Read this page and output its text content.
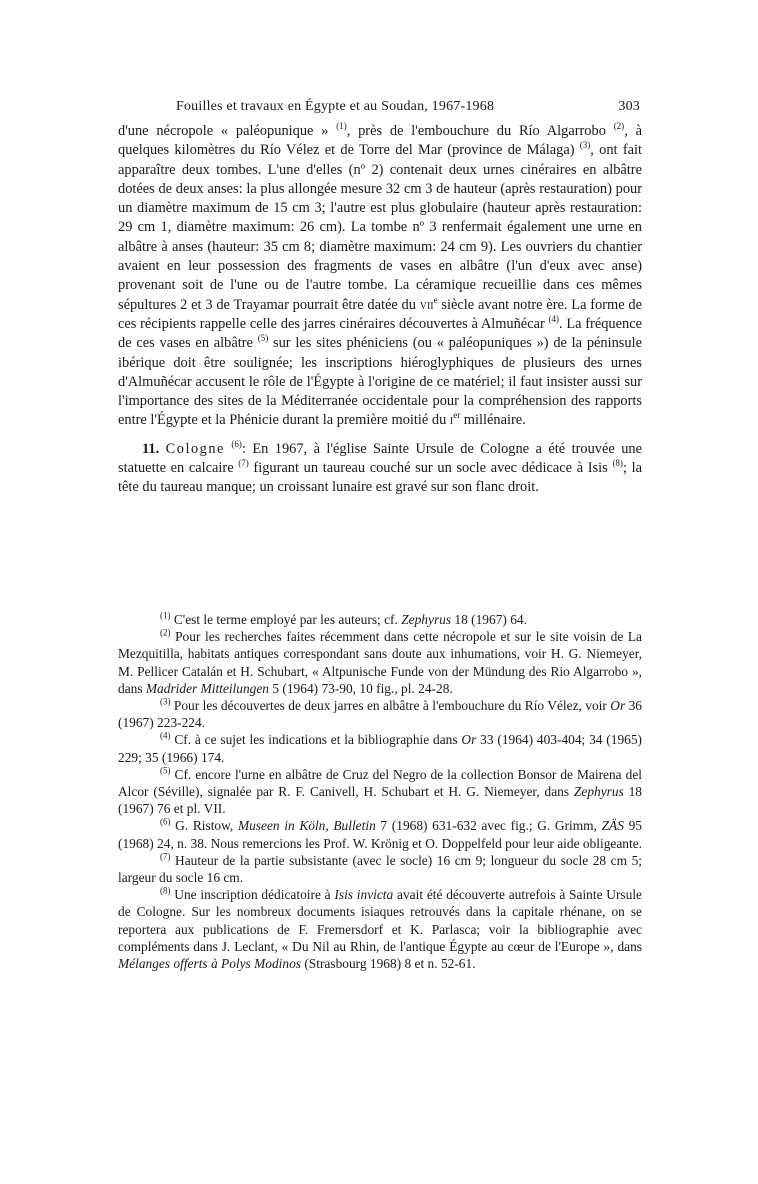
Fouilles et travaux en Égypte et au Soudan, 1967-1968	303

d'une nécropole « paléopunique » $^{(1)}$, près de l'embouchure du Río Algarrobo $^{(2)}$, à quelques kilomètres du Río Vélez et de Torre del Mar (province de Málaga) $^{(3)}$, ont fait apparaître deux tombes. L'une d'elles (nº 2) contenait deux urnes cinéraires en albâtre dotées de deux anses: la plus allongée mesure 32 cm 3 de hauteur (après restauration) pour un diamètre maximum de 15 cm 3; l'autre est plus globulaire (hauteur après restauration: 29 cm 1, diamètre maximum: 26 cm). La tombe nº 3 renfermait également une urne en albâtre à anses (hauteur: 35 cm 8; diamètre maximum: 24 cm 9). Les ouvriers du chantier avaient en leur possession des fragments de vases en albâtre (l'un d'eux avec anse) provenant soit de l'une ou de l'autre tombe. La céramique recueillie dans ces mêmes sépultures 2 et 3 de Trayamar pourrait être datée du vii$^e$ siècle avant notre ère. La forme de ces récipients rappelle celle des jarres cinéraires découvertes à Almuñécar $^{(4)}$. La fréquence de ces vases en albâtre $^{(5)}$ sur les sites phéniciens (ou « paléopuniques ») de la péninsule ibérique doit être soulignée; les inscriptions hiéroglyphiques de plusieurs des urnes d'Almuñécar accusent le rôle de l'Égypte à l'origine de ce matériel; il faut insister aussi sur l'importance des sites de la Méditerranée occidentale pour la compréhension des rapports entre l'Égypte et la Phénicie durant la première moitié du $i^{er}$ millénaire.

11. Cologne $^{(6)}$: En 1967, à l'église Sainte Ursule de Cologne a été trouvée une statuette en calcaire $^{(7)}$ figurant un taureau couché sur un socle avec dédicace à Isis $^{(8)}$; la tête du taureau manque; un croissant lunaire est gravé sur son flanc droit.

$^{(1)}$ C'est le terme employé par les auteurs; cf. Zephyrus 18 (1967) 64.

$^{(2)}$ Pour les recherches faites récemment dans cette nécropole et sur le site voisin de La Mezquitilla, habitats antiques correspondant sans doute aux inhumations, voir H. G. Niemeyer, M. Pellicer Catalán et H. Schubart, « Altpunische Funde von der Mündung des Rio Algarrobo », dans Madrider Mitteilungen 5 (1964) 73-90, 10 fig., pl. 24-28.

$^{(3)}$ Pour les découvertes de deux jarres en albâtre à l'embouchure du Río Vélez, voir Or 36 (1967) 223-224.

$^{(4)}$ Cf. à ce sujet les indications et la bibliographie dans Or 33 (1964) 403-404; 34 (1965) 229; 35 (1966) 174.

$^{(5)}$ Cf. encore l'urne en albâtre de Cruz del Negro de la collection Bonsor de Mairena del Alcor (Séville), signalée par R. F. Canivell, H. Schubart et H. G. Niemeyer, dans Zephyrus 18 (1967) 76 et pl. VII.

$^{(6)}$ G. Ristow, Museen in Köln, Bulletin 7 (1968) 631-632 avec fig.; G. Grimm, ZÄS 95 (1968) 24, n. 38. Nous remercions les Prof. W. Krönig et O. Doppelfeld pour leur aide obligeante.

$^{(7)}$ Hauteur de la partie subsistante (avec le socle) 16 cm 9; longueur du socle 28 cm 5; largeur du socle 16 cm.

$^{(8)}$ Une inscription dédicatoire à Isis invicta avait été découverte autrefois à Sainte Ursule de Cologne. Sur les nombreux documents isiaques retrouvés dans la capitale rhénane, on se reportera aux publications de F. Fremersdorf et K. Parlasca; voir la bibliographie avec compléments dans J. Leclant, « Du Nil au Rhin, de l'antique Égypte au cœur de l'Europe », dans Mélanges offerts à Polys Modinos (Strasbourg 1968) 8 et n. 52-61.
